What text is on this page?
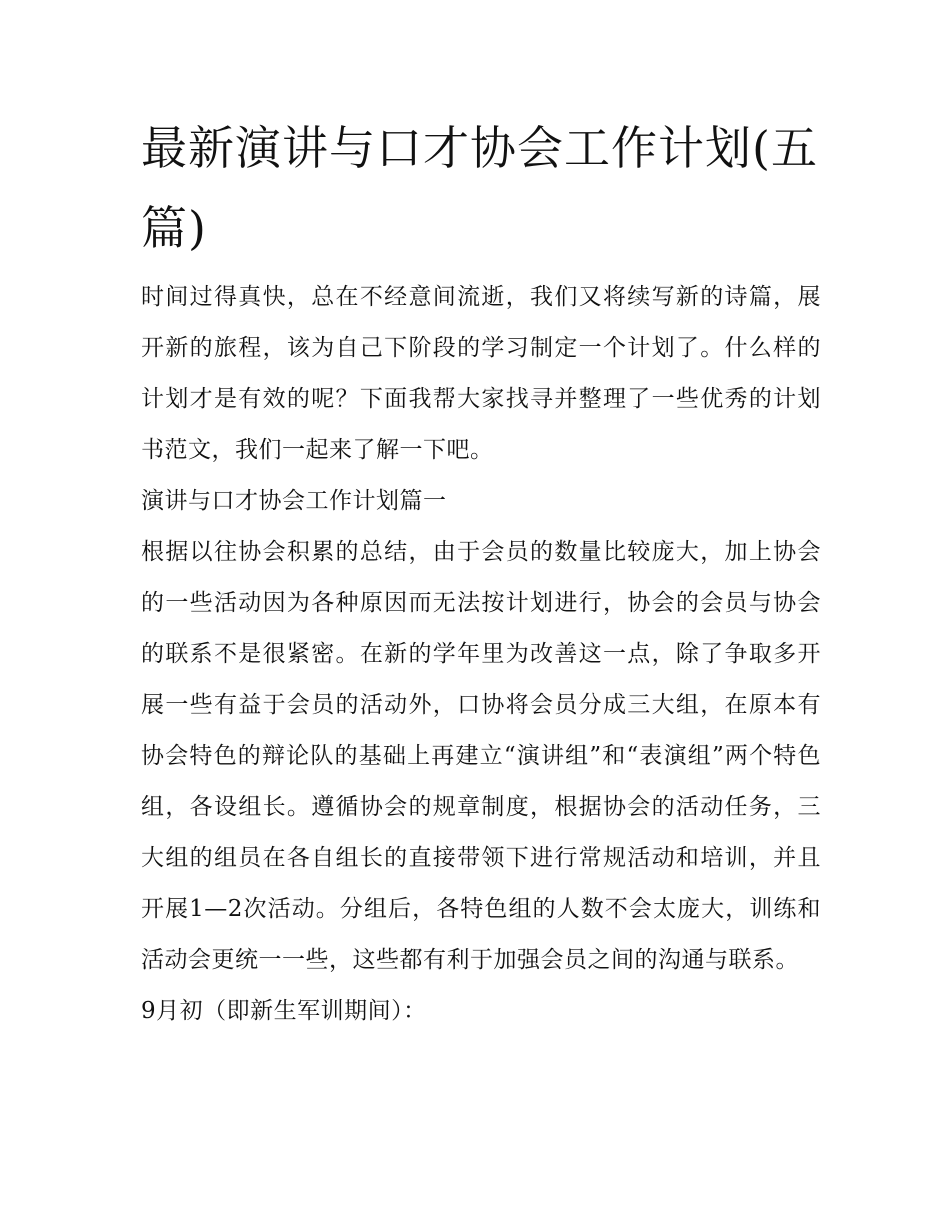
最新演讲与口才协会工作计划(五篇)

时间过得真快，总在不经意间流逝，我们又将续写新的诗篇，展开新的旅程，该为自己下阶段的学习制定一个计划了。什么样的计划才是有效的呢？下面我帮大家找寻并整理了一些优秀的计划书范文，我们一起来了解一下吧。

演讲与口才协会工作计划篇一

根据以往协会积累的总结，由于会员的数量比较庞大，加上协会的一些活动因为各种原因而无法按计划进行，协会的会员与协会的联系不是很紧密。在新的学年里为改善这一点，除了争取多开展一些有益于会员的活动外，口协将会员分成三大组，在原本有协会特色的辩论队的基础上再建立“演讲组”和“表演组”两个特色组，各设组长。遵循协会的规章制度，根据协会的活动任务，三大组的组员在各自组长的直接带领下进行常规活动和培训，并且开展1—2次活动。分组后，各特色组的人数不会太庞大，训练和活动会更统一一些，这些都有利于加强会员之间的沟通与联系。

9月初（即新生军训期间）：
